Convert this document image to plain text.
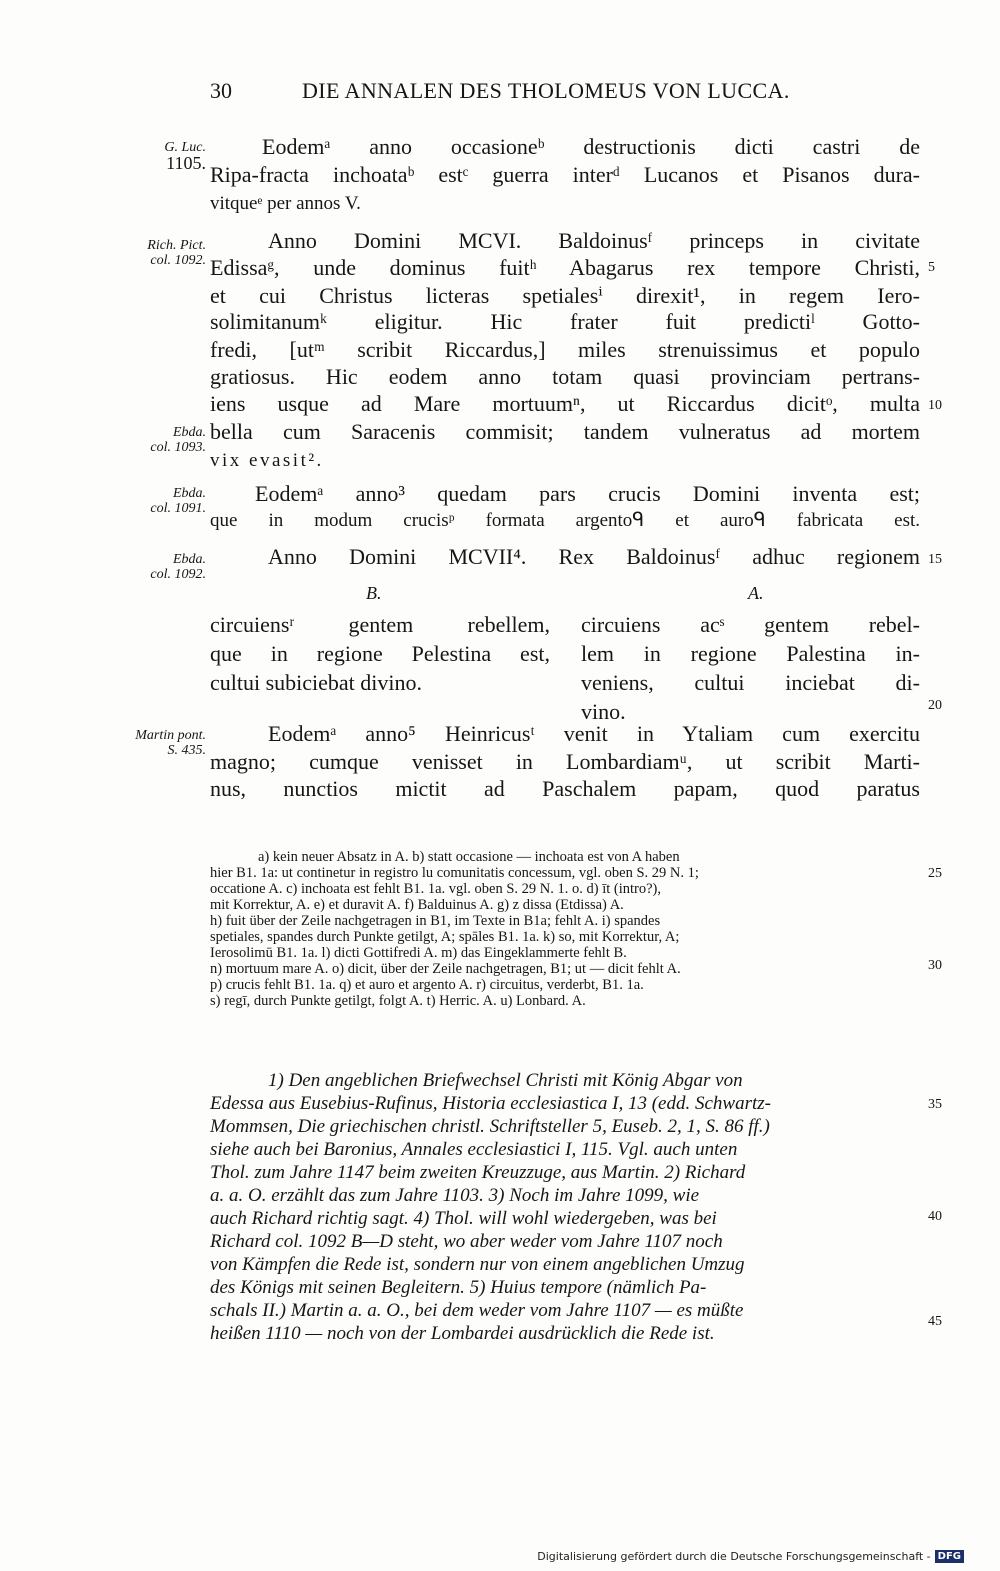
30	DIE ANNALEN DES THOLOMEUS VON LUCCA.
G. Luc.
1105.
Rich. Pict.
col. 1092.
Ebda.
col. 1093.
Ebda.
col. 1091.
Ebda.
col. 1092.
Martin pont.
S. 435.
5
10
15
20
25
30
35
40
45
Eodemᵃ anno occasioneᵇ destructionis dicti castri de
Ripa-fracta inchoataᵇ estᶜ guerra interᵈ Lucanos et Pisanos dura-
vitqueᵉ per annos V.
Anno Domini MCVI. Baldoinusᶠ princeps in civitate
Edissaᵍ, unde dominus fuitʰ Abagarus rex tempore Christi,
et cui Christus licteras spetialesⁱ direxit¹, in regem Iero-
solimitanumᵏ eligitur. Hic frater fuit predictiˡ Gotto-
fredi, [utᵐ scribit Riccardus,] miles strenuissimus et populo
gratiosus. Hic eodem anno totam quasi provinciam pertrans-
iens usque ad Mare mortuumⁿ, ut Riccardus dicitᵒ, multa
bella cum Saracenis commisit; tandem vulneratus ad mortem
vix evasit².
Eodemᵃ anno³ quedam pars crucis Domini inventa est;
que in modum crucisᵖ formata argentoᑫ et auroᑫ fabricata est.
Anno Domini MCVII⁴. Rex Baldoinusᶠ adhuc regionem
B.	A.
circuiensʳ gentem rebellem,
que in regione Pelestina est,
cultui subiciebat divino.
circuiens acˢ gentem rebel-
lem in regione Palestina in-
veniens, cultui inciebat di-
vino.
Eodemᵃ anno⁵ Heinricusᵗ venit in Ytaliam cum exercitu
magno; cumque venisset in Lombardiamᵘ, ut scribit Marti-
nus, nunctios mictit ad Paschalem papam, quod paratus
a) kein neuer Absatz in A. b) statt occasione — inchoata est von A haben
hier B1. 1a: ut continetur in registro lu comunitatis concessum, vgl. oben S. 29 N. 1;
occatione A. c) inchoata est fehlt B1. 1a. vgl. oben S. 29 N. 1. o. d) īt (intro?),
mit Korrektur, A. e) et duravit A. f) Balduinus A. g) z dissa (Etdissa) A.
h) fuit über der Zeile nachgetragen in B1, im Texte in B1a; fehlt A. i) spandes
spetiales, spandes durch Punkte getilgt, A; spāles B1. 1a. k) so, mit Korrektur, A;
Ierosolimū B1. 1a. l) dicti Gottifredi A. m) das Eingeklammerte fehlt B.
n) mortuum mare A. o) dicit, über der Zeile nachgetragen, B1; ut — dicit fehlt A.
p) crucis fehlt B1. 1a. q) et auro et argento A. r) circuitus, verderbt, B1. 1a.
s) regī, durch Punkte getilgt, folgt A. t) Herric. A. u) Lonbard. A.
1) Den angeblichen Briefwechsel Christi mit König Abgar von
Edessa aus Eusebius-Rufinus, Historia ecclesiastica I, 13 (edd. Schwartz-
Mommsen, Die griechischen christl. Schriftsteller 5, Euseb. 2, 1, S. 86 ff.)
siehe auch bei Baronius, Annales ecclesiastici I, 115. Vgl. auch unten
Thol. zum Jahre 1147 beim zweiten Kreuzzuge, aus Martin. 2) Richard
a. a. O. erzählt das zum Jahre 1103. 3) Noch im Jahre 1099, wie
auch Richard richtig sagt. 4) Thol. will wohl wiedergeben, was bei
Richard col. 1092 B—D steht, wo aber weder vom Jahre 1107 noch
von Kämpfen die Rede ist, sondern nur von einem angeblichen Umzug
des Königs mit seinen Begleitern. 5) Huius tempore (nämlich Pa-
schals II.) Martin a. a. O., bei dem weder vom Jahre 1107 — es müßte
heißen 1110 — noch von der Lombardei ausdrücklich die Rede ist.
Digitalisierung gefördert durch die Deutsche Forschungsgemeinschaft - DFG
